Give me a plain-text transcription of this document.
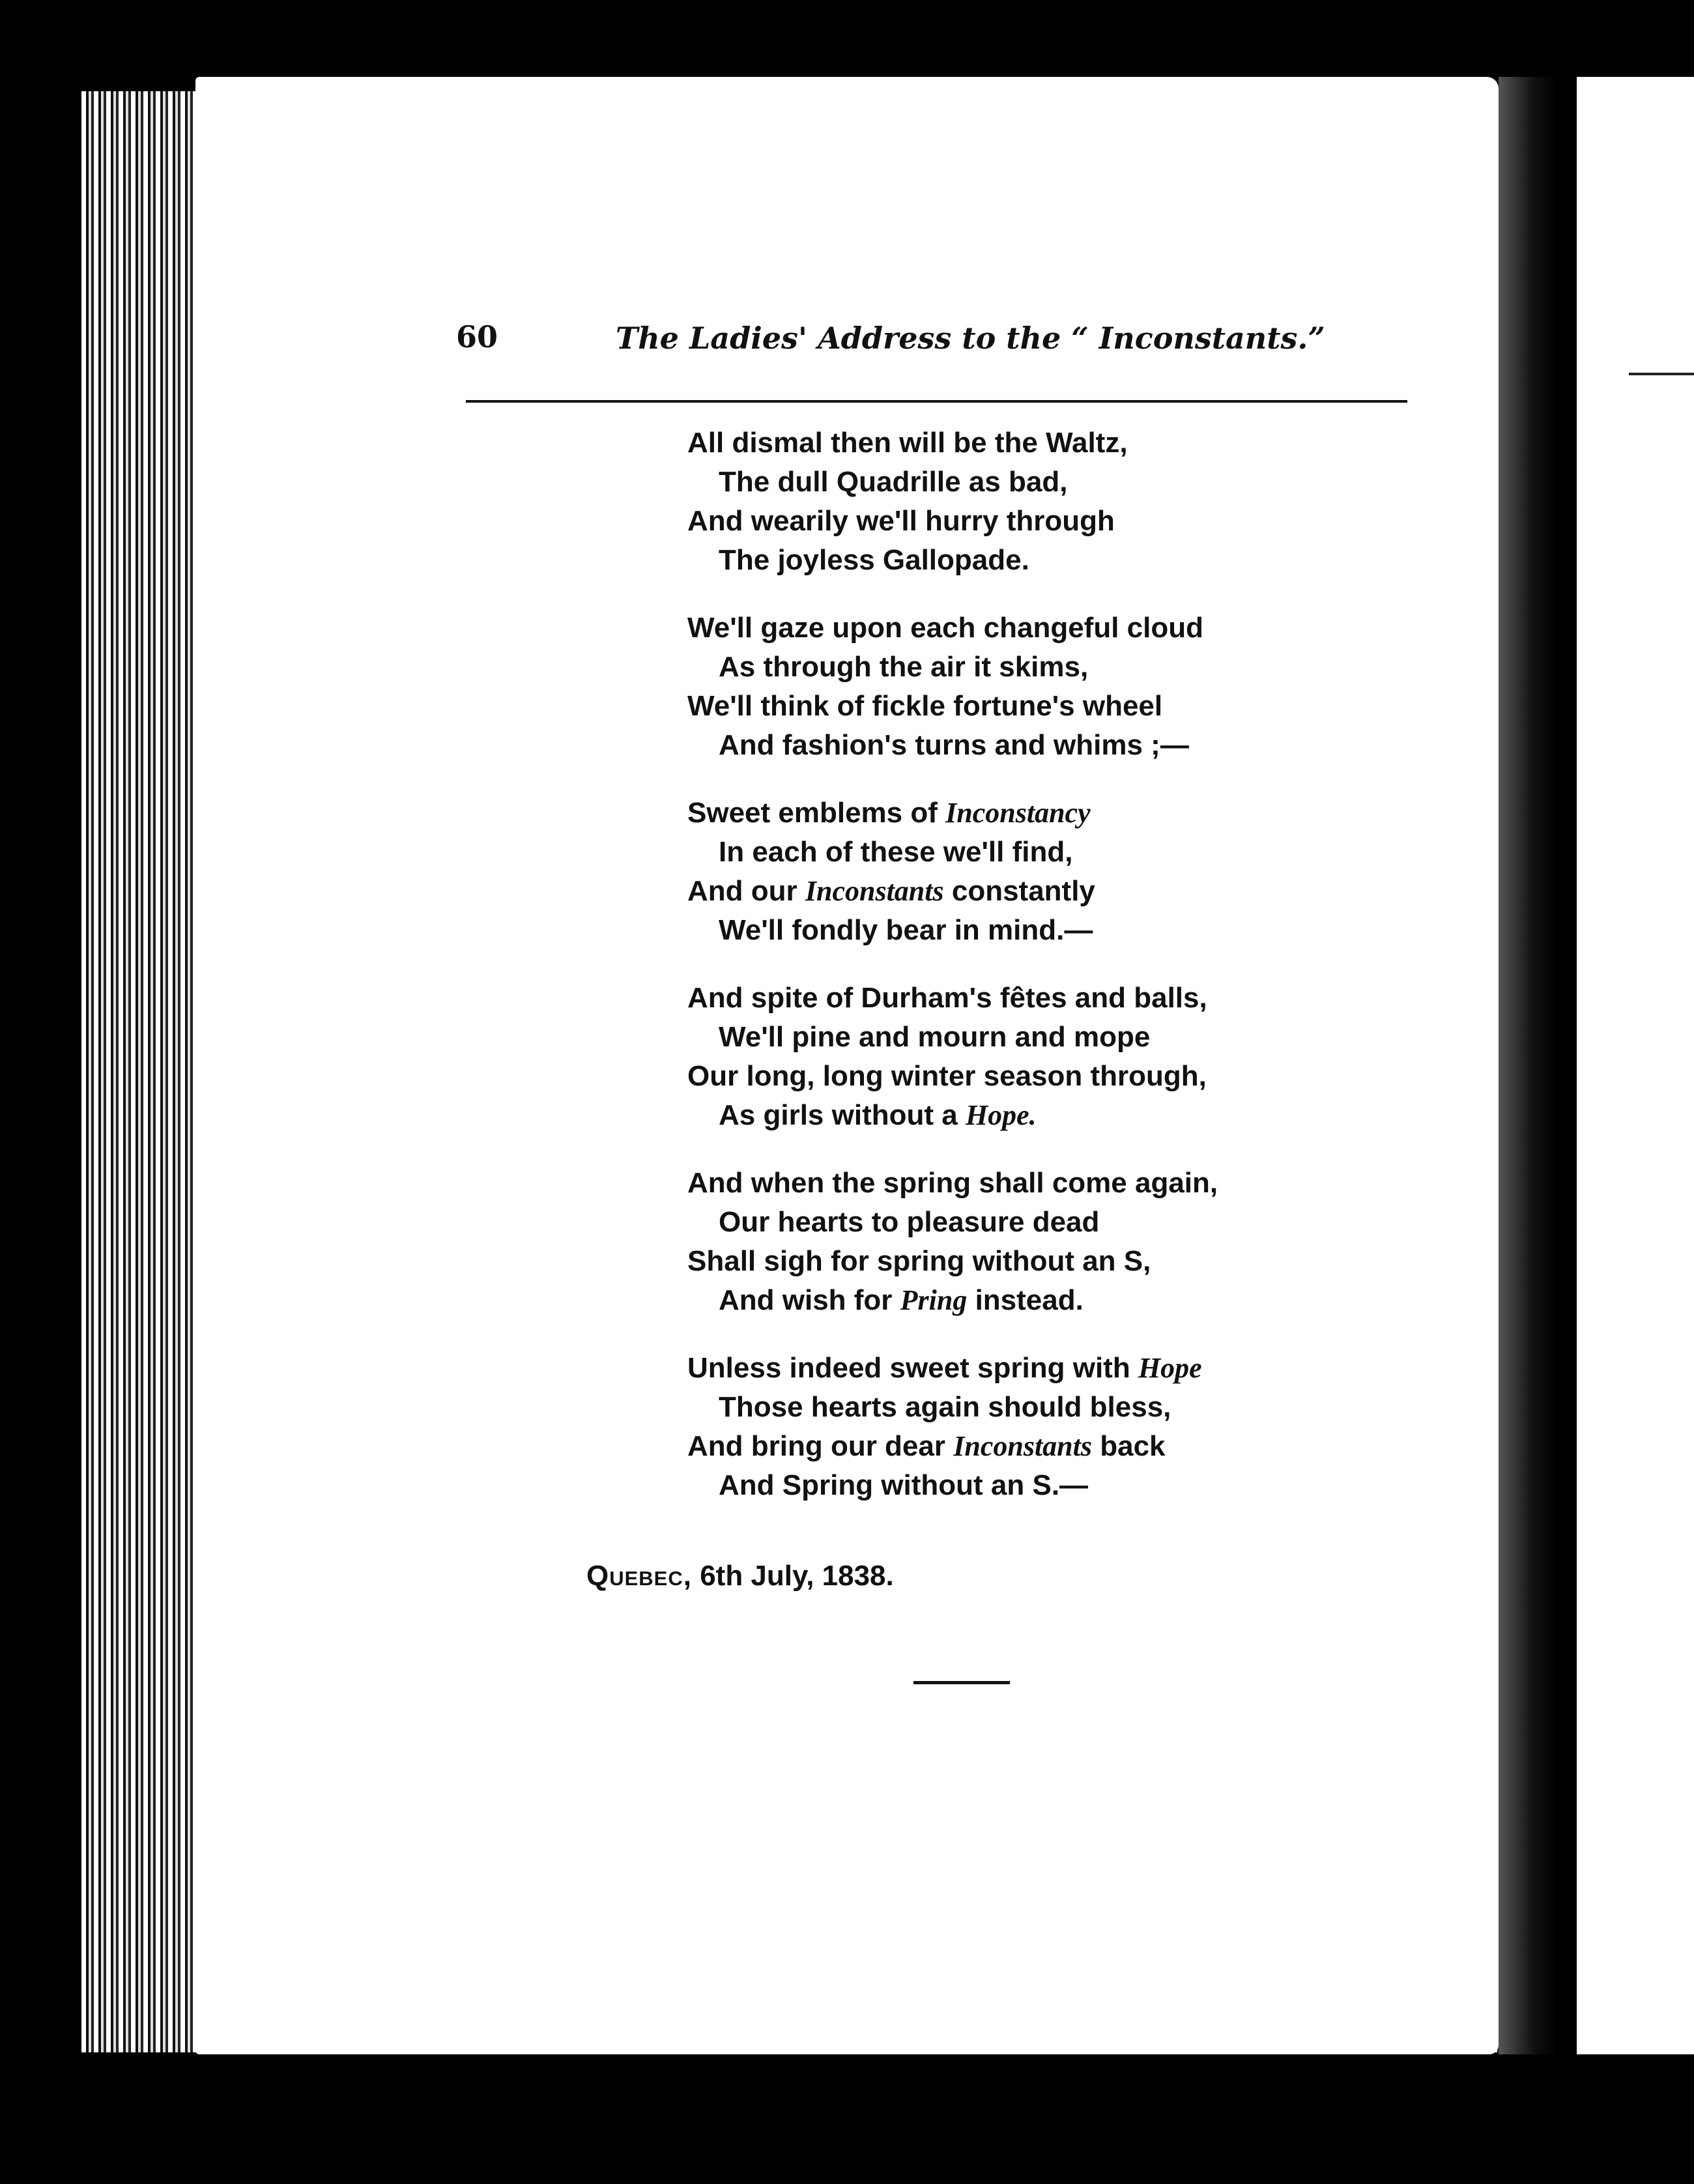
60	The Ladies' Address to the “ Inconstants.”
All dismal then will be the Waltz,
The dull Quadrille as bad,
And wearily we'll hurry through
The joyless Gallopade.
We'll gaze upon each changeful cloud
As through the air it skims,
We'll think of fickle fortune's wheel
And fashion's turns and whims ;—
Sweet emblems of Inconstancy
In each of these we'll find,
And our Inconstants constantly
We'll fondly bear in mind.—
And spite of Durham's fêtes and balls,
We'll pine and mourn and mope
Our long, long winter season through,
As girls without a Hope.
And when the spring shall come again,
Our hearts to pleasure dead
Shall sigh for spring without an S,
And wish for Pring instead.
Unless indeed sweet spring with Hope
Those hearts again should bless,
And bring our dear Inconstants back
And Spring without an S.—
Quebec, 6th July, 1838.
